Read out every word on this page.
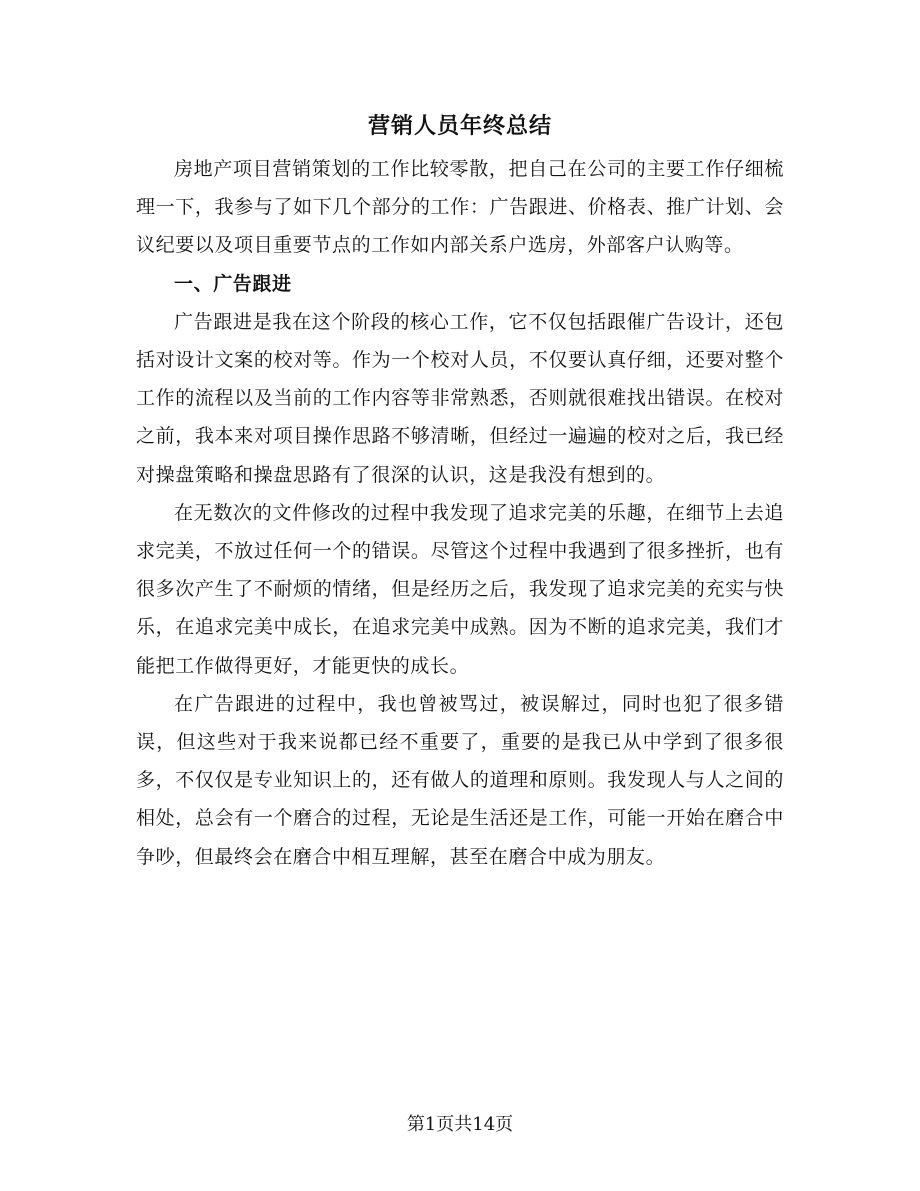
营销人员年终总结

房地产项目营销策划的工作比较零散，把自己在公司的主要工作仔细梳理一下，我参与了如下几个部分的工作：广告跟进、价格表、推广计划、会议纪要以及项目重要节点的工作如内部关系户选房，外部客户认购等。

一、广告跟进

广告跟进是我在这个阶段的核心工作，它不仅包括跟催广告设计，还包括对设计文案的校对等。作为一个校对人员，不仅要认真仔细，还要对整个工作的流程以及当前的工作内容等非常熟悉，否则就很难找出错误。在校对之前，我本来对项目操作思路不够清晰，但经过一遍遍的校对之后，我已经对操盘策略和操盘思路有了很深的认识，这是我没有想到的。

在无数次的文件修改的过程中我发现了追求完美的乐趣，在细节上去追求完美，不放过任何一个的错误。尽管这个过程中我遇到了很多挫折，也有很多次产生了不耐烦的情绪，但是经历之后，我发现了追求完美的充实与快乐，在追求完美中成长，在追求完美中成熟。因为不断的追求完美，我们才能把工作做得更好，才能更快的成长。

在广告跟进的过程中，我也曾被骂过，被误解过，同时也犯了很多错误，但这些对于我来说都已经不重要了，重要的是我已从中学到了很多很多，不仅仅是专业知识上的，还有做人的道理和原则。我发现人与人之间的相处，总会有一个磨合的过程，无论是生活还是工作，可能一开始在磨合中争吵，但最终会在磨合中相互理解，甚至在磨合中成为朋友。

第1页共14页
